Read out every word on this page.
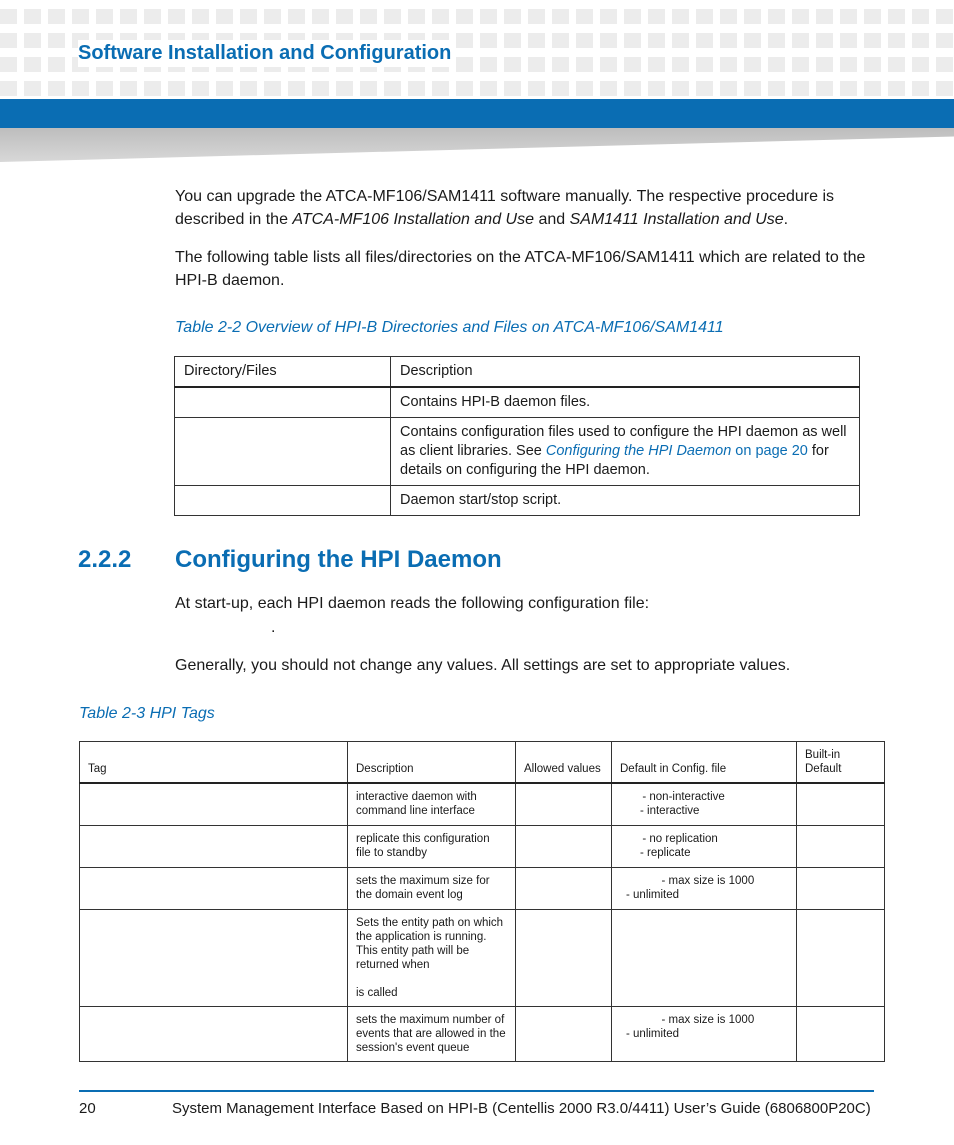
Software Installation and Configuration
You can upgrade the ATCA-MF106/SAM1411 software manually. The respective procedure is described in the ATCA-MF106 Installation and Use and SAM1411 Installation and Use.
The following table lists all files/directories on the ATCA-MF106/SAM1411 which are related to the HPI-B daemon.
Table 2-2 Overview of HPI-B Directories and Files on ATCA-MF106/SAM1411
Directory/Files	Description
	Contains HPI-B daemon files.
	Contains configuration files used to configure the HPI daemon as well as client libraries. See Configuring the HPI Daemon on page 20 for details on configuring the HPI daemon.
	Daemon start/stop script.
2.2.2 Configuring the HPI Daemon
At start-up, each HPI daemon reads the following configuration file:
.
Generally, you should not change any values. All settings are set to appropriate values.
Table 2-3 HPI Tags
Tag	Description	Allowed values	Default in Config. file	Built-in Default
	interactive daemon with command line interface		- non-interactive
- interactive	

	replicate this configuration file to standby		- no replication
- replicate	

	sets the maximum size for the domain event log		- max size is 1000
- unlimited	

	Sets the entity path on which the application is running. This entity path will be returned when
is called			

	sets the maximum number of events that are allowed in the session's event queue		- max size is 1000
- unlimited	

20	System Management Interface Based on HPI-B (Centellis 2000 R3.0/4411) User’s Guide (6806800P20C)
